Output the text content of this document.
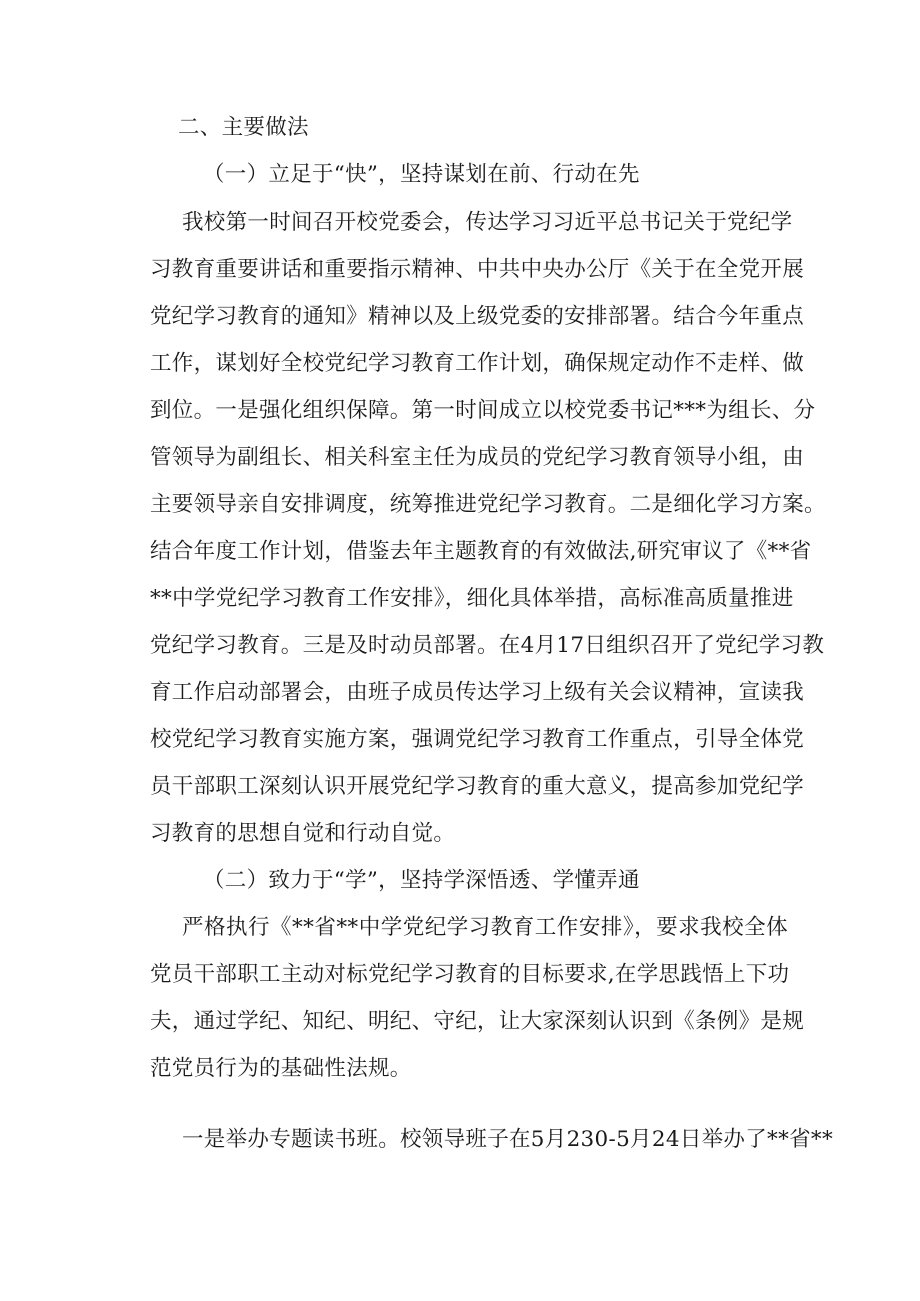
二、主要做法
（一）立足于“快”，坚持谋划在前、行动在先
我校第一时间召开校党委会，传达学习习近平总书记关于党纪学
习教育重要讲话和重要指示精神、中共中央办公厅《关于在全党开展
党纪学习教育的通知》精神以及上级党委的安排部署。结合今年重点
工作，谋划好全校党纪学习教育工作计划，确保规定动作不走样、做
到位。一是强化组织保障。第一时间成立以校党委书记***为组长、分
管领导为副组长、相关科室主任为成员的党纪学习教育领导小组，由
主要领导亲自安排调度，统筹推进党纪学习教育。二是细化学习方案。
结合年度工作计划，借鉴去年主题教育的有效做法,研究审议了《**省
**中学党纪学习教育工作安排》，细化具体举措，高标准高质量推进
党纪学习教育。三是及时动员部署。在4月17日组织召开了党纪学习教
育工作启动部署会，由班子成员传达学习上级有关会议精神，宣读我
校党纪学习教育实施方案，强调党纪学习教育工作重点，引导全体党
员干部职工深刻认识开展党纪学习教育的重大意义，提高参加党纪学
习教育的思想自觉和行动自觉。
（二）致力于“学”，坚持学深悟透、学懂弄通
严格执行《**省**中学党纪学习教育工作安排》，要求我校全体
党员干部职工主动对标党纪学习教育的目标要求,在学思践悟上下功
夫，通过学纪、知纪、明纪、守纪，让大家深刻认识到《条例》是规
范党员行为的基础性法规。
一是举办专题读书班。校领导班子在5月230-5月24日举办了**省**
